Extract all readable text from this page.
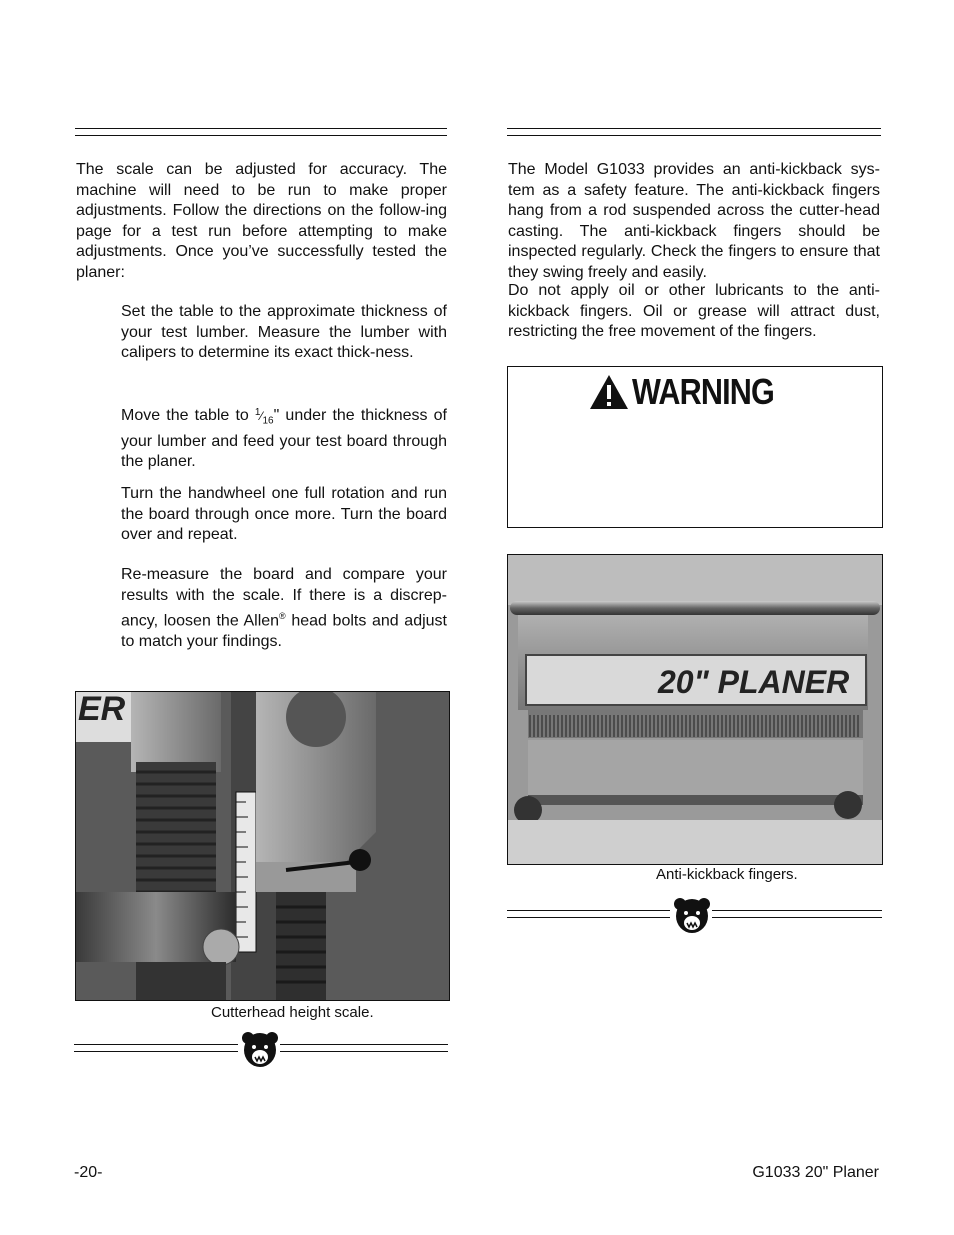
The scale can be adjusted for accuracy. The machine will need to be run to make proper adjustments. Follow the directions on the follow-ing page for a test run before attempting to make adjustments. Once you’ve successfully tested the planer:
Set the table to the approximate thickness of your test lumber. Measure the lumber with calipers to determine its exact thick-ness.
Move the table to $^1⁄_{16}$" under the thickness of your lumber and feed your test board through the planer.
Turn the handwheel one full rotation and run the board through once more. Turn the board over and repeat.
Re-measure the board and compare your results with the scale. If there is a discrep-ancy, loosen the Allen® head bolts and adjust to match your findings.
ER
Cutterhead height scale.
The Model G1033 provides an anti-kickback sys-tem as a safety feature. The anti-kickback fingers hang from a rod suspended across the cutter-head casting. The anti-kickback fingers should be inspected regularly. Check the fingers to ensure that they swing freely and easily.
Do not apply oil or other lubricants to the anti-kickback fingers. Oil or grease will attract dust, restricting the free movement of the fingers.
WARNING
20" PLANER
Anti-kickback fingers.
-20-	G1033 20" Planer
